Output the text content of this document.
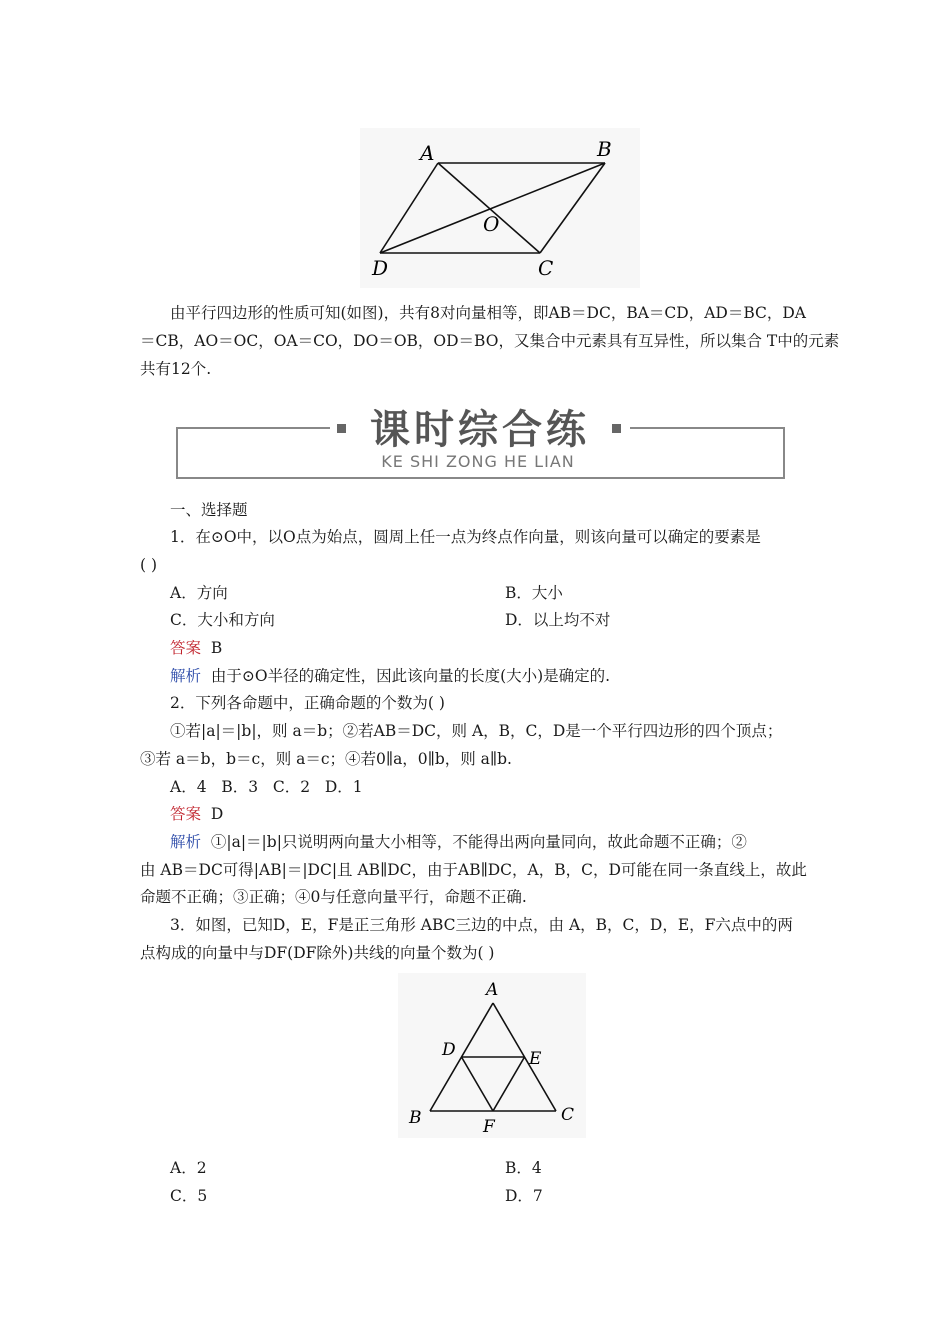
A	B
C
D
O
由平行四边形的性质可知(如图)，共有8对向量相等，即AB＝DC，BA＝CD，AD＝BC，DA
＝CB，AO＝OC，OA＝CO，DO＝OB，OD＝BO，又集合中元素具有互异性，所以集合 T中的元素
共有12个.
课时综合练
KE SHI ZONG HE LIAN
一、选择题
1．在⊙O中，以O点为始点，圆周上任一点为终点作向量，则该向量可以确定的要素是
( )
A．方向	B．大小
C．大小和方向	D．以上均不对
答案 B
解析 由于⊙O半径的确定性，因此该向量的长度(大小)是确定的.
2．下列各命题中，正确命题的个数为( )
①若|a|＝|b|，则 a＝b；②若AB＝DC，则 A，B，C，D是一个平行四边形的四个顶点；
③若 a＝b，b＝c，则 a＝c；④若0∥a，0∥b，则 a∥b.
A．4   B．3   C．2   D．1
答案 D
解析 ①|a|＝|b|只说明两向量大小相等，不能得出两向量同向，故此命题不正确；②
由 AB＝DC可得|AB|＝|DC|且 AB∥DC，由于AB∥DC，A，B，C，D可能在同一条直线上，故此
命题不正确；③正确；④0与任意向量平行，命题不正确.
3．如图，已知D，E，F是正三角形 ABC三边的中点，由 A，B，C，D，E，F六点中的两
点构成的向量中与DF(DF除外)共线的向量个数为( )
A
D	E
B	C
F
A．2	B．4
C．5	D．7
